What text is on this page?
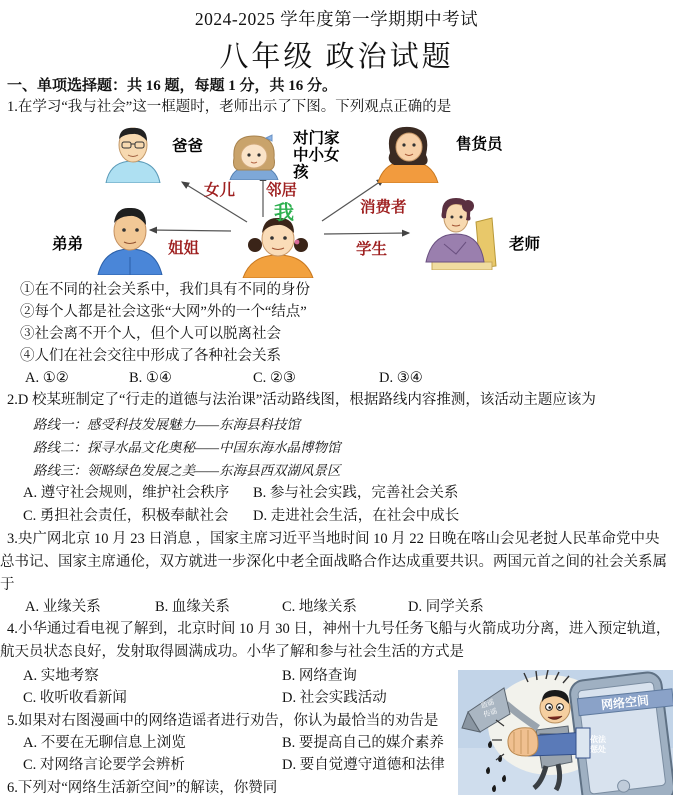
2024-2025 学年度第一学期期中考试
八年级 政治试题
一、单项选择题：共 16 题，每题 1 分，共 16 分。
1.在学习“我与社会”这一框题时，老师出示了下图。下列观点正确的是
爸爸	对门家
中小女
孩
售货员
弟弟
我
老师
女儿 邻居
消费者
姐姐	学生
①在不同的社会关系中，我们具有不同的身份
②每个人都是社会这张“大网”外的一个“结点”
③社会离不开个人，但个人可以脱离社会
④人们在社会交往中形成了各种社会关系
A. ①②	B. ①④	C. ②③	D. ③④
2.D 校某班制定了“行走的道德与法治课”活动路线图，根据路线内容推测，该活动主题应该为
路线一：感受科技发展魅力——东海县科技馆
路线二：探寻水晶文化奥秘——中国东海水晶博物馆
路线三：领略绿色发展之美——东海县西双湖风景区
A. 遵守社会规则，维护社会秩序 B. 参与社会实践，完善社会关系
C. 勇担社会责任，积极奉献社会 D. 走进社会生活，在社会中成长
3.央广网北京 10 月 23 日消息 ，国家主席习近平当地时间 10 月 22 日晚在喀山会见老挝人民革命党中央
总书记、国家主席通伦，双方就进一步深化中老全面战略合作达成重要共识。两国元首之间的社会关系属
于
A. 业缘关系	B. 血缘关系	C. 地缘关系	D. 同学关系
4.小华通过看电视了解到，北京时间 10 月 30 日，神州十九号任务飞船与火箭成功分离，进入预定轨道，
航天员状态良好，发射取得圆满成功。小华了解和参与社会生活的方式是
A. 实地考察	B. 网络查询
C. 收听收看新闻	D. 社会实践活动
5.如果对右图漫画中的网络造谣者进行劝告，你认为最恰当的劝告是
A. 不要在无聊信息上浏览	B. 要提高自己的媒介素养
C. 对网络言论要学会辨析	D. 要自觉遵守道德和法律
6.下列对“网络生活新空间”的解读，你赞同
网络空间
造谣
传谣
依法
惩处
